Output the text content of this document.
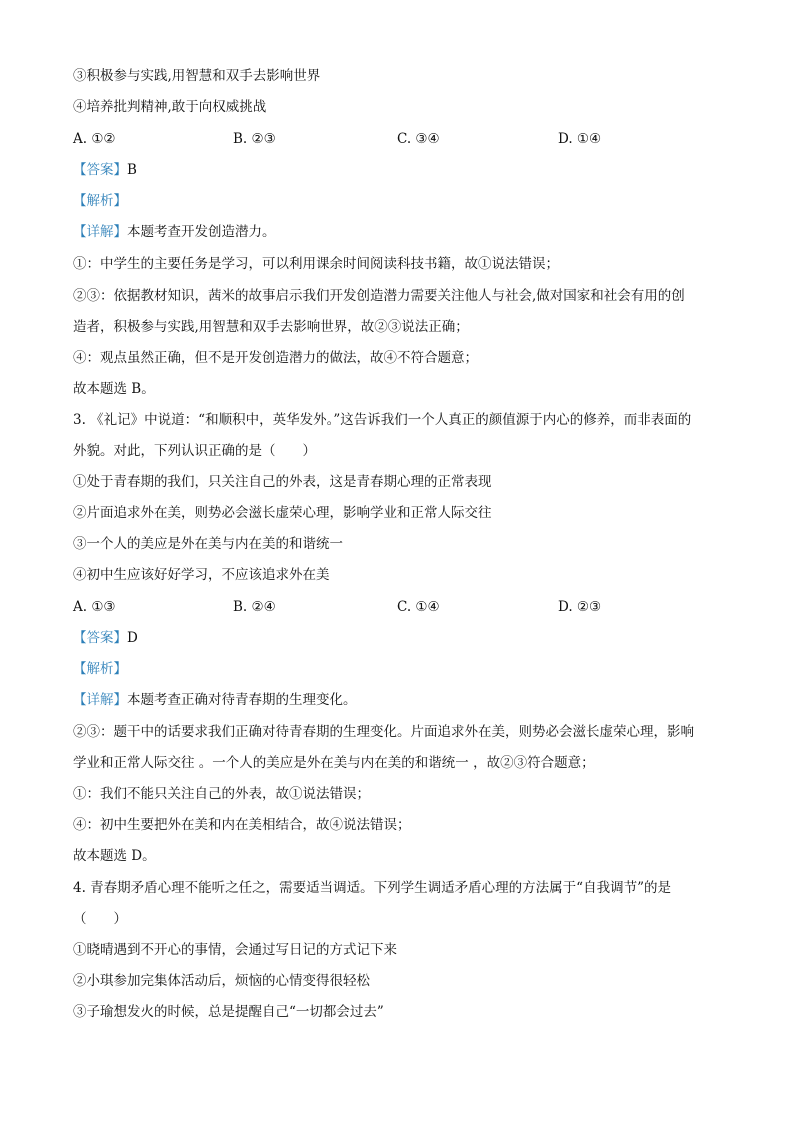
③积极参与实践,用智慧和双手去影响世界
④培养批判精神,敢于向权威挑战
A. ①②	B. ②③	C. ③④	D. ①④
【答案】B
【解析】
【详解】本题考查开发创造潜力。
①：中学生的主要任务是学习，可以利用课余时间阅读科技书籍，故①说法错误；
②③：依据教材知识，茜米的故事启示我们开发创造潜力需要关注他人与社会,做对国家和社会有用的创
造者，积极参与实践,用智慧和双手去影响世界，故②③说法正确；
④：观点虽然正确，但不是开发创造潜力的做法，故④不符合题意；
故本题选 B。
3. 《礼记》中说道：“和顺积中，英华发外。”这告诉我们一个人真正的颜值源于内心的修养，而非表面的
外貌。对此，下列认识正确的是（　　）
①处于青春期的我们，只关注自己的外表，这是青春期心理的正常表现
②片面追求外在美，则势必会滋长虚荣心理，影响学业和正常人际交往
③一个人的美应是外在美与内在美的和谐统一
④初中生应该好好学习，不应该追求外在美
A. ①③	B. ②④	C. ①④	D. ②③
【答案】D
【解析】
【详解】本题考查正确对待青春期的生理变化。
②③：题干中的话要求我们正确对待青春期的生理变化。片面追求外在美，则势必会滋长虚荣心理，影响
学业和正常人际交往 。一个人的美应是外在美与内在美的和谐统一 ，故②③符合题意；
①：我们不能只关注自己的外表，故①说法错误；
④：初中生要把外在美和内在美相结合，故④说法错误；
故本题选 D。
4. 青春期矛盾心理不能听之任之，需要适当调适。下列学生调适矛盾心理的方法属于“自我调节”的是
（　　）
①晓晴遇到不开心的事情，会通过写日记的方式记下来
②小琪参加完集体活动后，烦恼的心情变得很轻松
③子瑜想发火的时候，总是提醒自己“一切都会过去”
